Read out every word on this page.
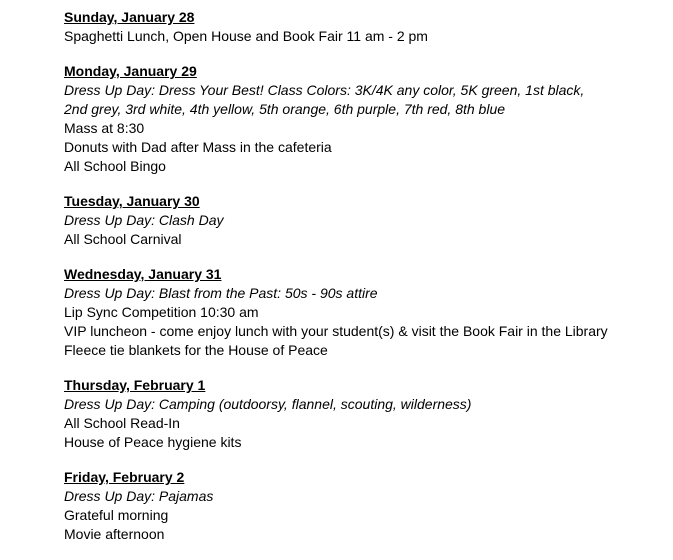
Sunday, January 28
Spaghetti Lunch, Open House and Book Fair 11 am - 2 pm
Monday, January 29
Dress Up Day: Dress Your Best! Class Colors: 3K/4K any color, 5K green, 1st black, 2nd grey, 3rd white, 4th yellow, 5th orange, 6th purple, 7th red, 8th blue
Mass at 8:30
Donuts with Dad after Mass in the cafeteria
All School Bingo
Tuesday, January 30
Dress Up Day: Clash Day
All School Carnival
Wednesday, January 31
Dress Up Day: Blast from the Past: 50s - 90s attire
Lip Sync Competition 10:30 am
VIP luncheon - come enjoy lunch with your student(s) & visit the Book Fair in the Library
Fleece tie blankets for the House of Peace
Thursday, February 1
Dress Up Day: Camping (outdoorsy, flannel, scouting, wilderness)
All School Read-In
House of Peace hygiene kits
Friday, February 2
Dress Up Day: Pajamas
Grateful morning
Movie afternoon
